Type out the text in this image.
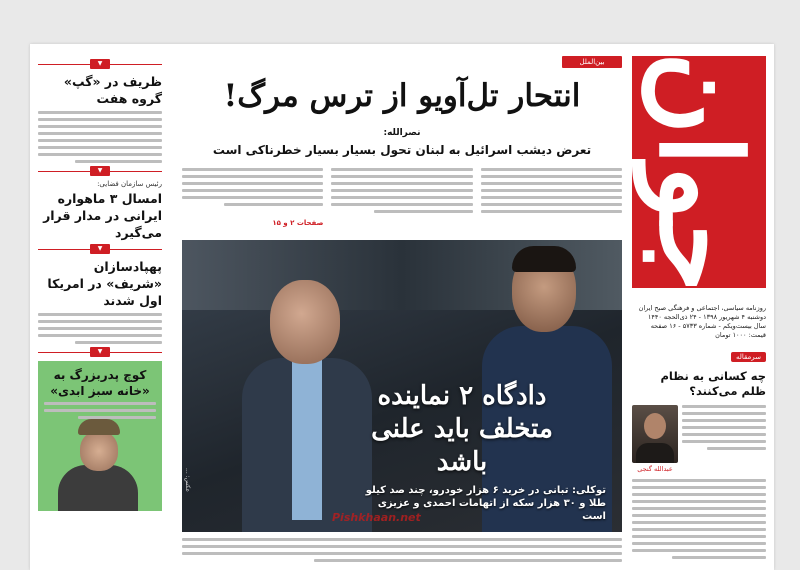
جوان
روزنامه سیاسی، اجتماعی و فرهنگی صبح ایران
دوشنبه ۴ شهریور ۱۳۹۸ - ۲۴ ذی‌الحجه ۱۴۴۰
سال بیست‌ویکم - شماره ۵۷۳۳ - ۱۶ صفحه
قیمت: ۱۰۰۰ تومان
سرمقاله
چه کسانی به نظام ظلم می‌کنند؟
عبدالله گنجی
بین‌الملل
انتحار تل‌آویو از ترس مرگ!
نصرالله:
تعرض دیشب اسرائیل به لبنان تحول بسیار بسیار خطرناکی است
صفحات ۲ و ۱۵
دادگاه ۲ نماینده متخلف باید علنی باشد
توکلی: تبانی در خرید ۶ هزار خودرو، چند صد کیلو طلا و ۳۰ هزار سکه از اتهامات احمدی و عزیزی است
عکس: ...
Pishkhaan.net
▼
ظریف در «گپ» گروه هفت
▼
رئیس سازمان فضایی:
امسال ۳ ماهواره ایرانی در مدار قرار می‌گیرد
▼
پهپادسازان «شریف» در امریکا اول شدند
▼
کوچ پدربزرگ به «خانه سبز ابدی»
